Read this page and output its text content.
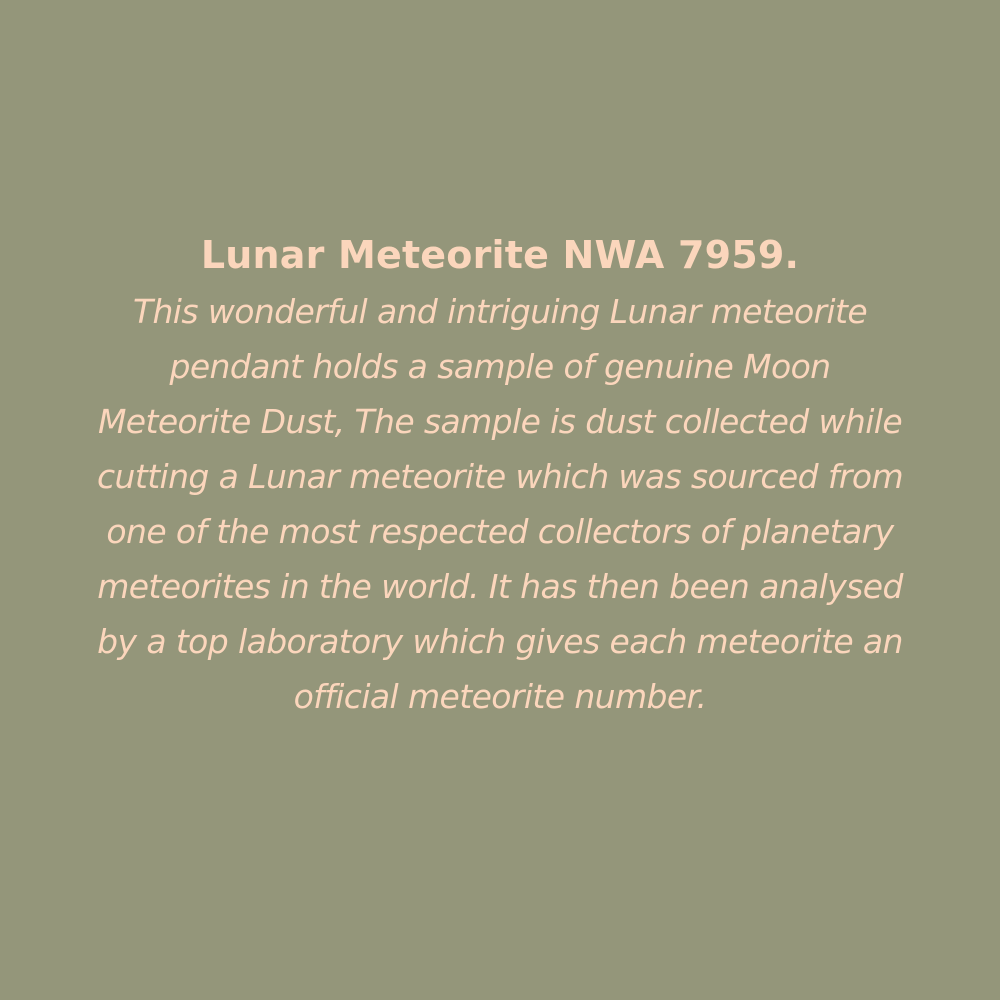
Lunar Meteorite NWA 7959.

This wonderful and intriguing Lunar meteorite
pendant holds a sample of genuine Moon
Meteorite Dust, The sample is dust collected while
cutting a Lunar meteorite which was sourced from
one of the most respected collectors of planetary
meteorites in the world. It has then been analysed
by a top laboratory which gives each meteorite an
official meteorite number.
